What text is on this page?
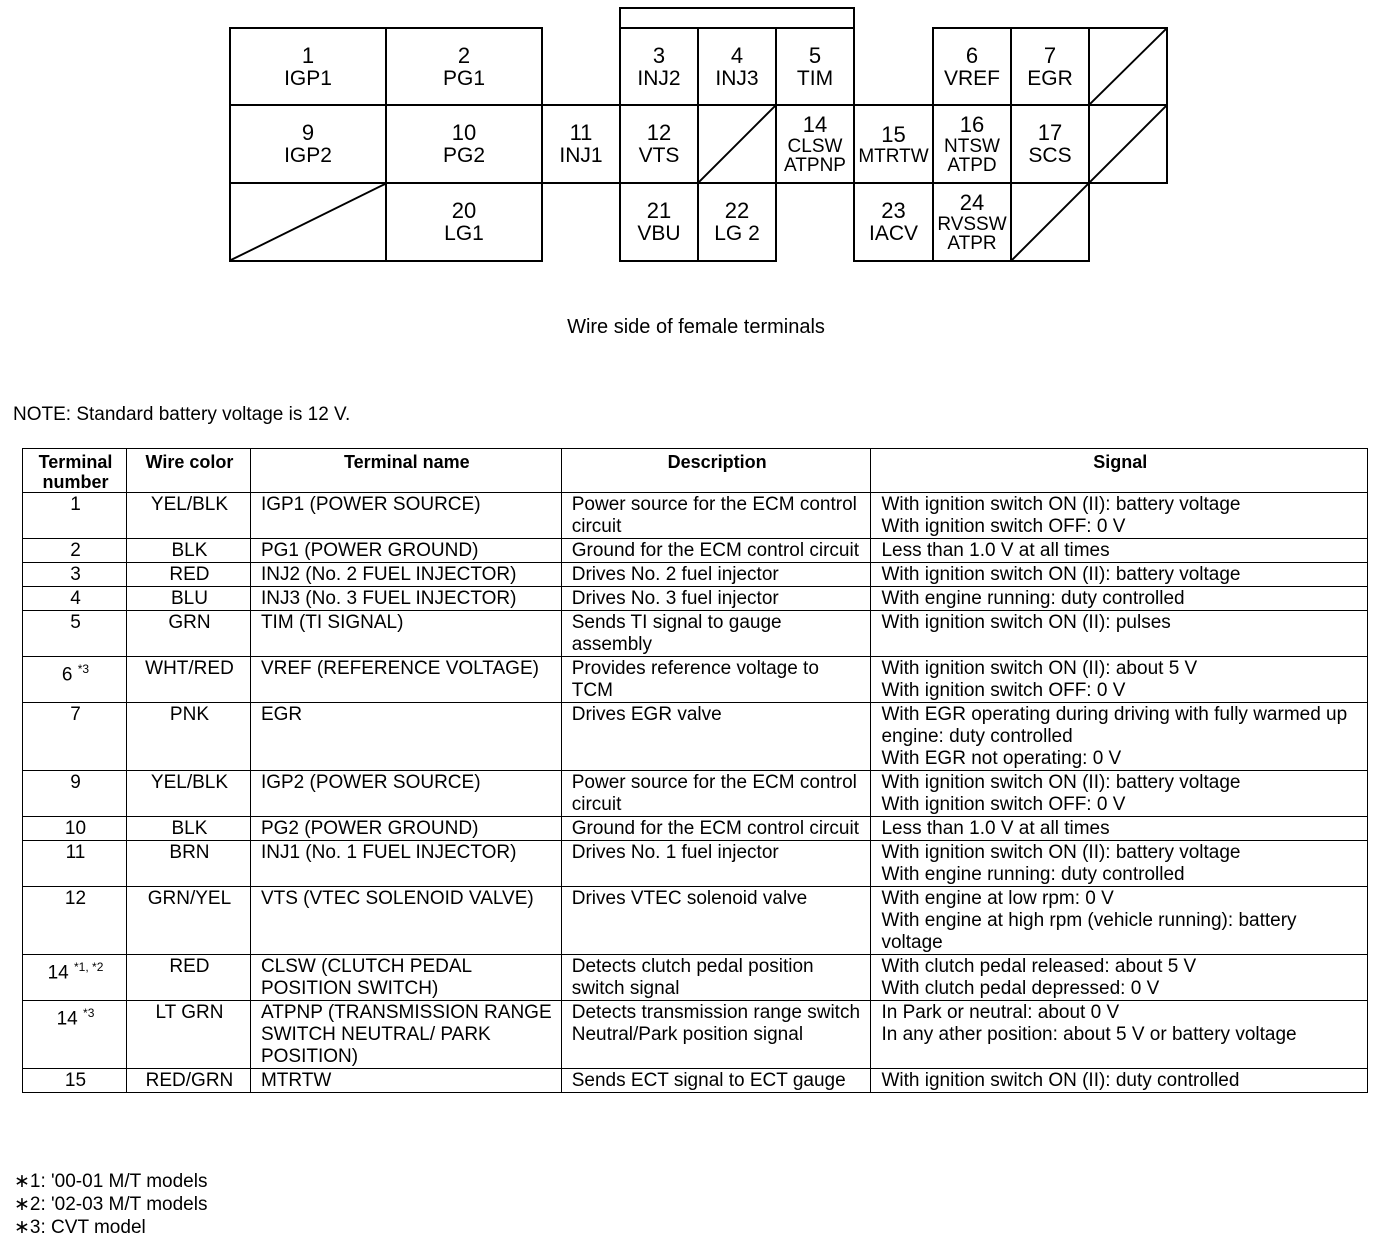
1
IGP1
2
PG1
3
INJ2
4
INJ3
5
TIM
6
VREF
7
EGR
9
IGP2
10
PG2
11
INJ1
12
VTS
14
CLSW ATPNP
15
MTRTW
16
NTSW ATPD
17
SCS
20
LG1
21
VBU
22
LG 2
23
IACV
24
RVSSW ATPR
Wire side of female terminals
NOTE: Standard battery voltage is 12 V.
Terminal number	Wire color	Terminal name	Description	Signal
1	YEL/BLK	IGP1 (POWER SOURCE)	Power source for the ECM control circuit	With ignition switch ON (II): battery voltage
With ignition switch OFF: 0 V
2	BLK	PG1 (POWER GROUND)	Ground for the ECM control circuit	Less than 1.0 V at all times
3	RED	INJ2 (No. 2 FUEL INJECTOR)	Drives No. 2 fuel injector	With ignition switch ON (II): battery voltage
4	BLU	INJ3 (No. 3 FUEL INJECTOR)	Drives No. 3 fuel injector	With engine running: duty controlled
5	GRN	TIM (TI SIGNAL)	Sends TI signal to gauge assembly	With ignition switch ON (II): pulses
6 $^{*3}$	WHT/RED	VREF (REFERENCE VOLTAGE)	Provides reference voltage to TCM	With ignition switch ON (II): about 5 V
With ignition switch OFF: 0 V
7	PNK	EGR	Drives EGR valve	With EGR operating during driving with fully warmed up engine: duty controlled
With EGR not operating: 0 V
9	YEL/BLK	IGP2 (POWER SOURCE)	Power source for the ECM control circuit	With ignition switch ON (II): battery voltage
With ignition switch OFF: 0 V
10	BLK	PG2 (POWER GROUND)	Ground for the ECM control circuit	Less than 1.0 V at all times
11	BRN	INJ1 (No. 1 FUEL INJECTOR)	Drives No. 1 fuel injector	With ignition switch ON (II): battery voltage
With engine running: duty controlled
12	GRN/YEL	VTS (VTEC SOLENOID VALVE)	Drives VTEC solenoid valve	With engine at low rpm: 0 V
With engine at high rpm (vehicle running): battery voltage
14 $^{*1, *2}$	RED	CLSW (CLUTCH PEDAL POSITION SWITCH)	Detects clutch pedal position switch signal	With clutch pedal released: about 5 V
With clutch pedal depressed: 0 V
14 $^{*3}$	LT GRN	ATPNP (TRANSMISSION RANGE SWITCH NEUTRAL/ PARK POSITION)	Detects transmission range switch Neutral/Park position signal	In Park or neutral: about 0 V
In any ather position: about 5 V or battery voltage
15	RED/GRN	MTRTW	Sends ECT signal to ECT gauge	With ignition switch ON (II): duty controlled
∗1: '00-01 M/T models
∗2: '02-03 M/T models
∗3: CVT model
